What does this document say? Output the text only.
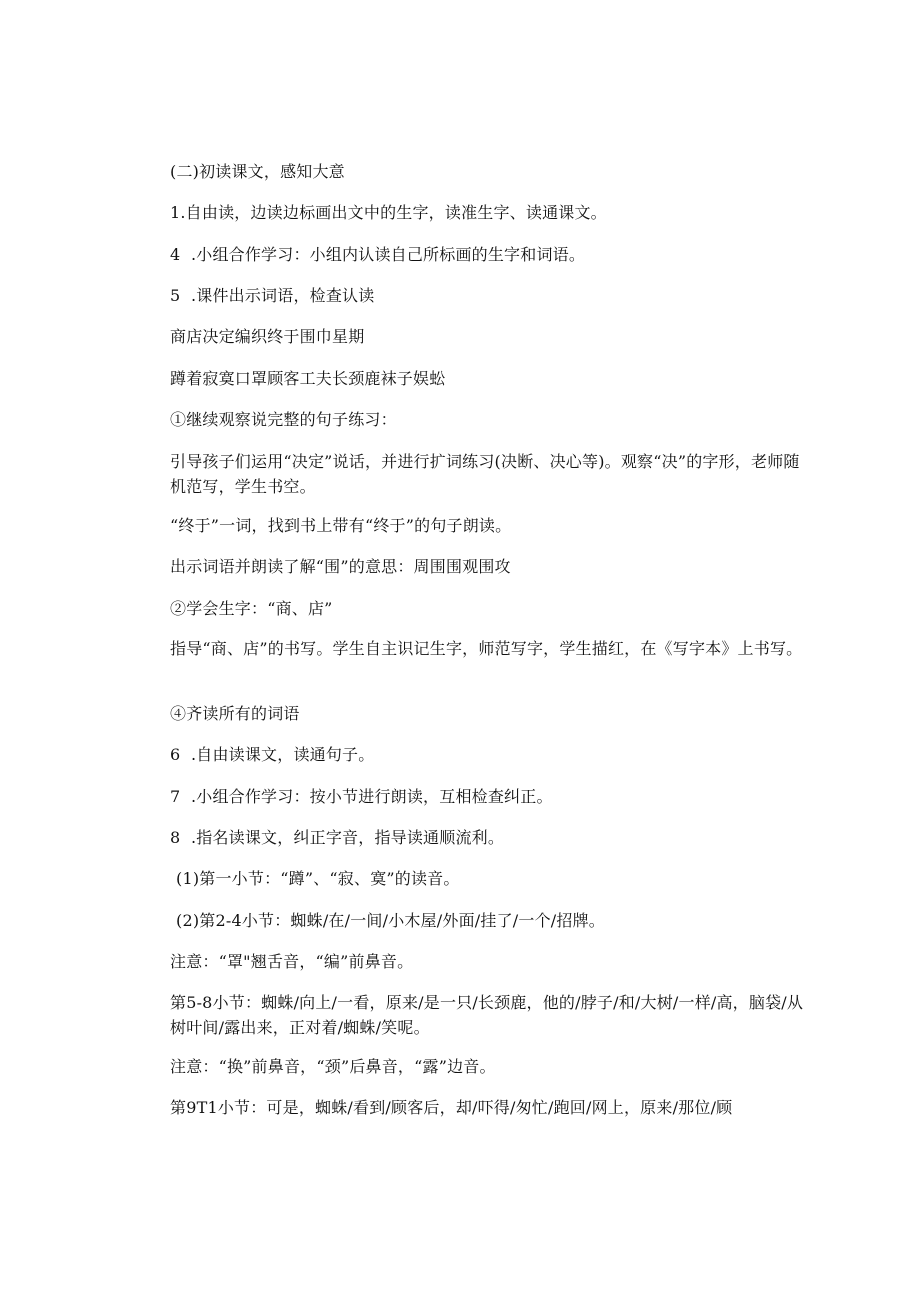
(二)初读课文，感知大意
1.自由读，边读边标画出文中的生字，读准生字、读通课文。
4  .小组合作学习：小组内认读自己所标画的生字和词语。
5  .课件出示词语，检查认读
商店决定编织终于围巾星期
蹲着寂寞口罩顾客工夫长颈鹿袜子娱蚣
①继续观察说完整的句子练习：
引导孩子们运用“决定”说话，并进行扩词练习(决断、决心等)。观察“决”的字形，老师随机范写，学生书空。
“终于”一词，找到书上带有“终于”的句子朗读。
出示词语并朗读了解“围”的意思：周围围观围攻
②学会生字：“商、店”
指导“商、店”的书写。学生自主识记生字，师范写字，学生描红，在《写字本》上书写。
④齐读所有的词语
6  .自由读课文，读通句子。
7  .小组合作学习：按小节进行朗读，互相检查纠正。
8  .指名读课文，纠正字音，指导读通顺流利。
(1)第一小节：“蹲”、“寂、寞”的读音。
(2)第2-4小节：蜘蛛/在/一间/小木屋/外面/挂了/一个/招牌。
注意：“罩"翘舌音，“编”前鼻音。
第5-8小节：蜘蛛/向上/一看，原来/是一只/长颈鹿，他的/脖子/和/大树/一样/高，脑袋/从树叶间/露出来，正对着/蜘蛛/笑呢。
注意：“换”前鼻音，“颈”后鼻音，“露”边音。
第9T1小节：可是，蜘蛛/看到/顾客后，却/吓得/匆忙/跑回/网上，原来/那位/顾
